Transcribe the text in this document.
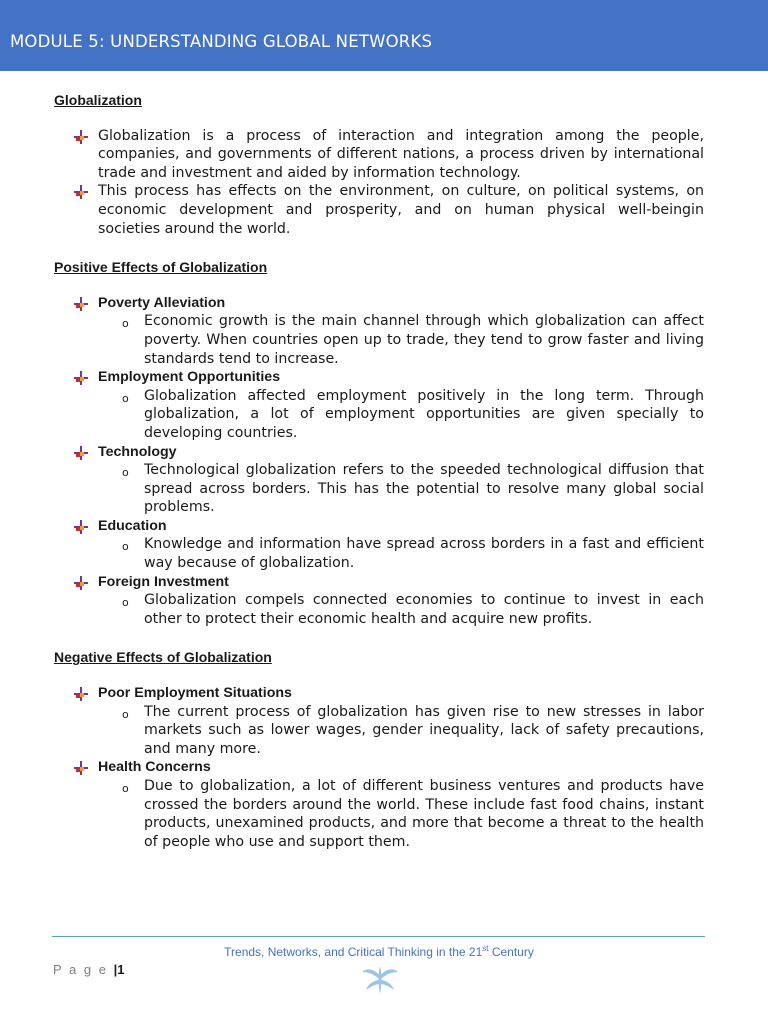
MODULE 5: UNDERSTANDING GLOBAL NETWORKS
Globalization
Globalization is a process of interaction and integration among the people, companies, and governments of different nations, a process driven by international trade and investment and aided by information technology.
This process has effects on the environment, on culture, on political systems, on economic development and prosperity, and on human physical well-beingin societies around the world.
Positive Effects of Globalization
Poverty Alleviation
o Economic growth is the main channel through which globalization can affect poverty. When countries open up to trade, they tend to grow faster and living standards tend to increase.
Employment Opportunities
o Globalization affected employment positively in the long term. Through globalization, a lot of employment opportunities are given specially to developing countries.
Technology
o Technological globalization refers to the speeded technological diffusion that spread across borders. This has the potential to resolve many global social problems.
Education
o Knowledge and information have spread across borders in a fast and efficient way because of globalization.
Foreign Investment
o Globalization compels connected economies to continue to invest in each other to protect their economic health and acquire new profits.
Negative Effects of Globalization
Poor Employment Situations
o The current process of globalization has given rise to new stresses in labor markets such as lower wages, gender inequality, lack of safety precautions, and many more.
Health Concerns
o Due to globalization, a lot of different business ventures and products have crossed the borders around the world. These include fast food chains, instant products, unexamined products, and more that become a threat to the health of people who use and support them.
Trends, Networks, and Critical Thinking in the 21st Century
P a g e |1
